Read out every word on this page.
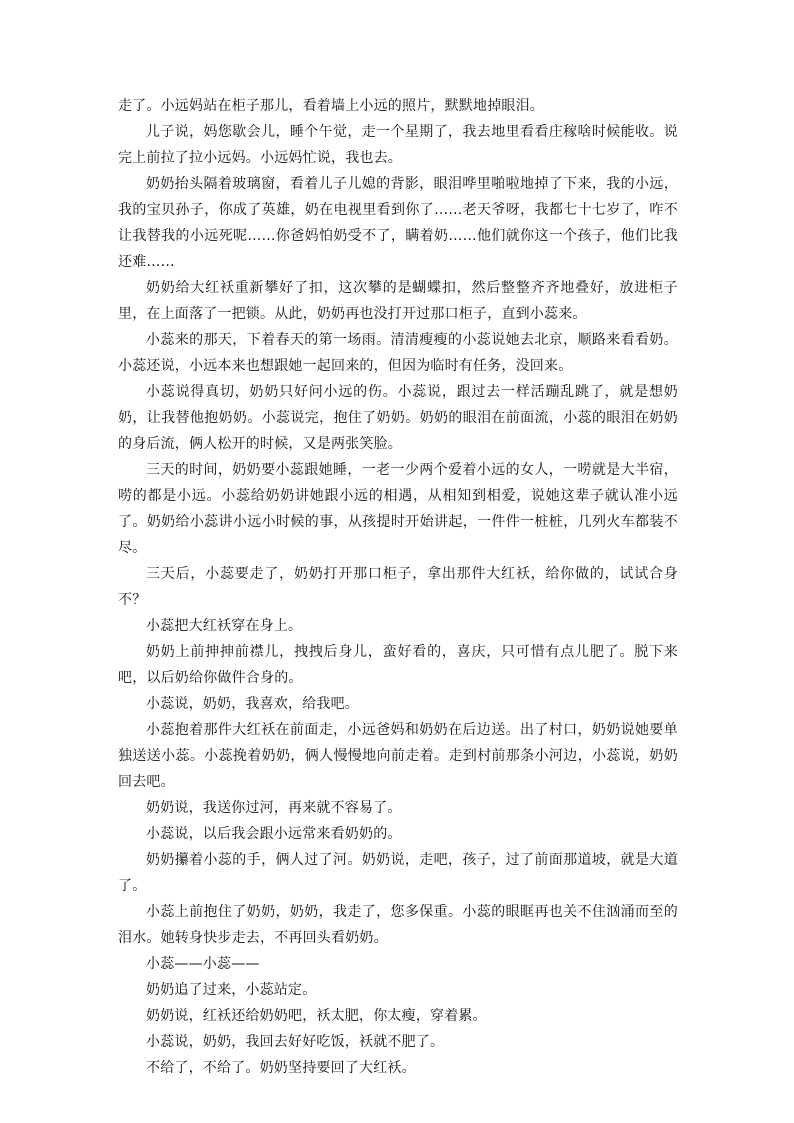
走了。小远妈站在柜子那儿，看着墙上小远的照片，默默地掉眼泪。

儿子说，妈您歇会儿，睡个午觉，走一个星期了，我去地里看看庄稼啥时候能收。说完上前拉了拉小远妈。小远妈忙说，我也去。

奶奶抬头隔着玻璃窗，看着儿子儿媳的背影，眼泪哗里啪啦地掉了下来，我的小远，我的宝贝孙子，你成了英雄，奶在电视里看到你了……老天爷呀，我都七十七岁了，咋不让我替我的小远死呢……你爸妈怕奶受不了，瞒着奶……他们就你这一个孩子，他们比我还难……

奶奶给大红袄重新攀好了扣，这次攀的是蝴蝶扣，然后整整齐齐地叠好，放进柜子里，在上面落了一把锁。从此，奶奶再也没打开过那口柜子，直到小蕊来。

小蕊来的那天，下着春天的第一场雨。清清瘦瘦的小蕊说她去北京，顺路来看看奶。小蕊还说，小远本来也想跟她一起回来的，但因为临时有任务，没回来。

小蕊说得真切，奶奶只好问小远的伤。小蕊说，跟过去一样活蹦乱跳了，就是想奶奶，让我替他抱奶奶。小蕊说完，抱住了奶奶。奶奶的眼泪在前面流，小蕊的眼泪在奶奶的身后流，俩人松开的时候，又是两张笑脸。

三天的时间，奶奶要小蕊跟她睡，一老一少两个爱着小远的女人，一唠就是大半宿，唠的都是小远。小蕊给奶奶讲她跟小远的相遇，从相知到相爱，说她这辈子就认准小远了。奶奶给小蕊讲小远小时候的事，从孩提时开始讲起，一件件一桩桩，几列火车都装不尽。

三天后，小蕊要走了，奶奶打开那口柜子，拿出那件大红袄，给你做的，试试合身不？

小蕊把大红袄穿在身上。

奶奶上前抻抻前襟儿，拽拽后身儿，蛮好看的，喜庆，只可惜有点儿肥了。脱下来吧，以后奶给你做件合身的。

小蕊说，奶奶，我喜欢，给我吧。

小蕊抱着那件大红袄在前面走，小远爸妈和奶奶在后边送。出了村口，奶奶说她要单独送送小蕊。小蕊挽着奶奶，俩人慢慢地向前走着。走到村前那条小河边，小蕊说，奶奶回去吧。

奶奶说，我送你过河，再来就不容易了。

小蕊说，以后我会跟小远常来看奶奶的。

奶奶攥着小蕊的手，俩人过了河。奶奶说，走吧，孩子，过了前面那道坡，就是大道了。

小蕊上前抱住了奶奶，奶奶，我走了，您多保重。小蕊的眼眶再也关不住汹涌而至的泪水。她转身快步走去，不再回头看奶奶。

小蕊——小蕊——

奶奶追了过来，小蕊站定。

奶奶说，红袄还给奶奶吧，袄太肥，你太瘦，穿着累。

小蕊说，奶奶，我回去好好吃饭，袄就不肥了。

不给了，不给了。奶奶坚持要回了大红袄。
